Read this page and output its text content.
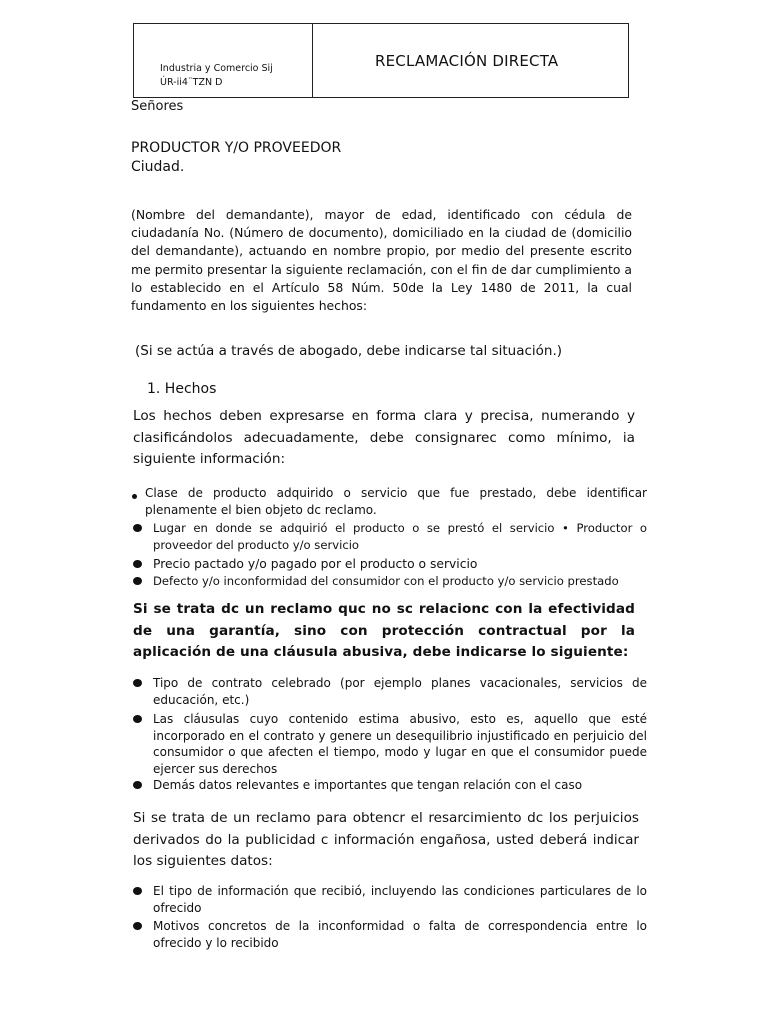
Industria y Comercio Sij
ÚR-ii4¨TZN D
RECLAMACIÓN DIRECTA
Señores
PRODUCTOR Y/O PROVEEDOR
Ciudad.
(Nombre del demandante), mayor de edad, identificado con cédula de ciudadanía No. (Número de documento), domiciliado en la ciudad de (domicilio del demandante), actuando en nombre propio, por medio del presente escrito me permito presentar la siguiente reclamación, con el fin de dar cumplimiento a lo establecido en el Artículo 58 Núm. 50de la Ley 1480 de 2011, la cual fundamento en los siguientes hechos:
(Si se actúa a través de abogado, debe indicarse tal situación.)
1. Hechos
Los hechos deben expresarse en forma clara y precisa, numerando y clasificándolos adecuadamente, debe consignarec como mínimo, ia siguiente información:
Clase de producto adquirido o servicio que fue prestado, debe identificar plenamente el bien objeto dc reclamo.
Lugar en donde se adquirió el producto o se prestó el servicio • Productor o proveedor del producto y/o servicio
Precio pactado y/o pagado por el producto o servicio
Defecto y/o inconformidad del consumidor con el producto y/o servicio prestado
Si se trata dc un reclamo quc no sc relacionc con la efectividad de una garantía, sino con protección contractual por la aplicación de una cláusula abusiva, debe indicarse lo siguiente:
Tipo de contrato celebrado (por ejemplo planes vacacionales, servicios de educación, etc.)
Las cláusulas cuyo contenido estima abusivo, esto es, aquello que esté incorporado en el contrato y genere un desequilibrio injustificado en perjuicio del consumidor o que afecten el tiempo, modo y lugar en que el consumidor puede ejercer sus derechos
Demás datos relevantes e importantes que tengan relación con el caso
Si se trata de un reclamo para obtencr el resarcimiento dc los perjuicios derivados do la publicidad c información engañosa, usted deberá indicar los siguientes datos:
El tipo de información que recibió, incluyendo las condiciones particulares de lo ofrecido
Motivos concretos de la inconformidad o falta de correspondencia entre lo ofrecido y lo recibido
